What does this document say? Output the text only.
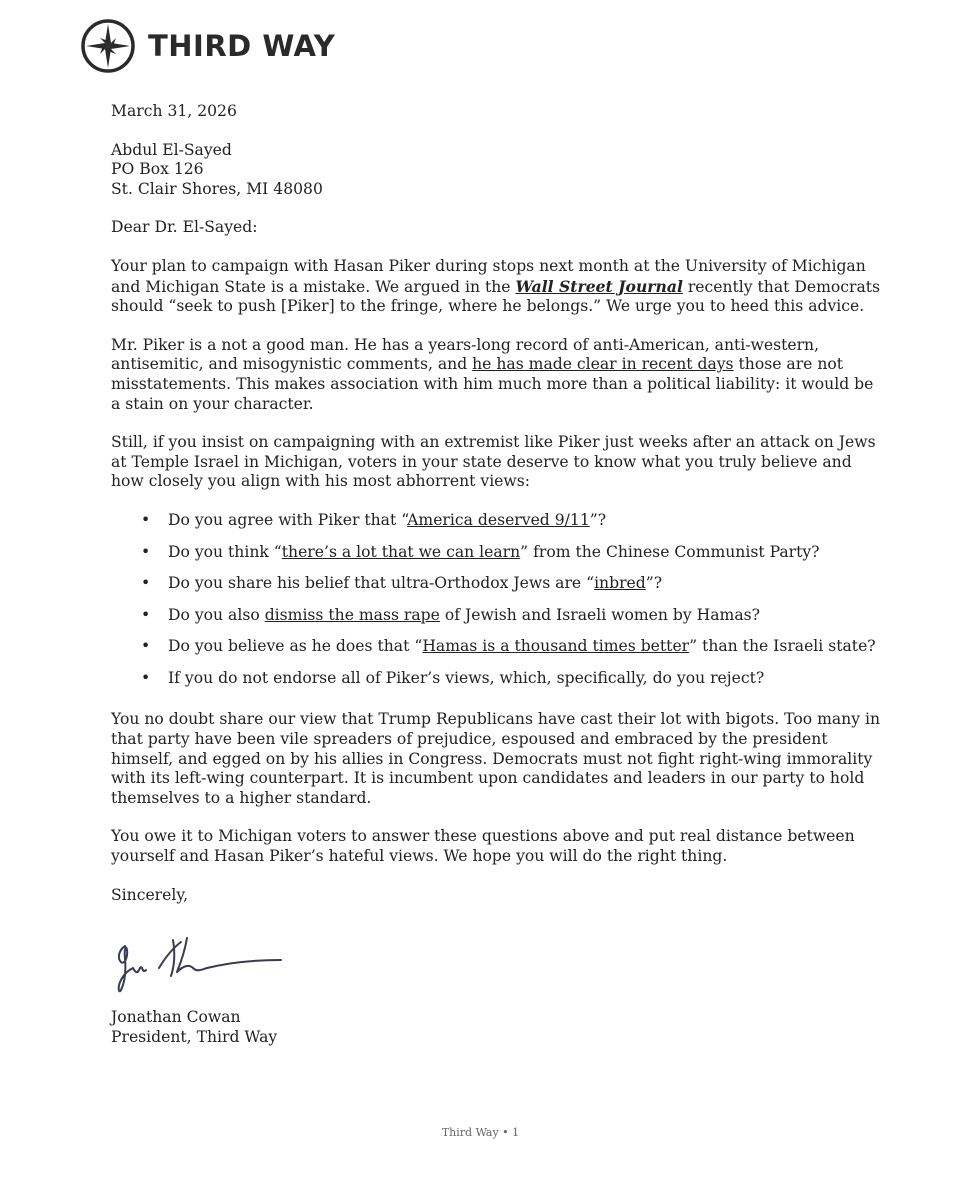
THIRD WAY

March 31, 2026

Abdul El-Sayed
PO Box 126
St. Clair Shores, MI 48080

Dear Dr. El-Sayed:

Your plan to campaign with Hasan Piker during stops next month at the University of Michigan and Michigan State is a mistake. We argued in the Wall Street Journal recently that Democrats should “seek to push [Piker] to the fringe, where he belongs.” We urge you to heed this advice.

Mr. Piker is a not a good man. He has a years-long record of anti-American, anti-western, antisemitic, and misogynistic comments, and he has made clear in recent days those are not misstatements. This makes association with him much more than a political liability: it would be a stain on your character.

Still, if you insist on campaigning with an extremist like Piker just weeks after an attack on Jews at Temple Israel in Michigan, voters in your state deserve to know what you truly believe and how closely you align with his most abhorrent views:

• Do you agree with Piker that “America deserved 9/11”?
• Do you think “there’s a lot that we can learn” from the Chinese Communist Party?
• Do you share his belief that ultra-Orthodox Jews are “inbred”?
• Do you also dismiss the mass rape of Jewish and Israeli women by Hamas?
• Do you believe as he does that “Hamas is a thousand times better” than the Israeli state?
• If you do not endorse all of Piker’s views, which, specifically, do you reject?

You no doubt share our view that Trump Republicans have cast their lot with bigots. Too many in that party have been vile spreaders of prejudice, espoused and embraced by the president himself, and egged on by his allies in Congress. Democrats must not fight right-wing immorality with its left-wing counterpart. It is incumbent upon candidates and leaders in our party to hold themselves to a higher standard.

You owe it to Michigan voters to answer these questions above and put real distance between yourself and Hasan Piker’s hateful views. We hope you will do the right thing.

Sincerely,

Jonathan Cowan
President, Third Way
Third Way • 1
